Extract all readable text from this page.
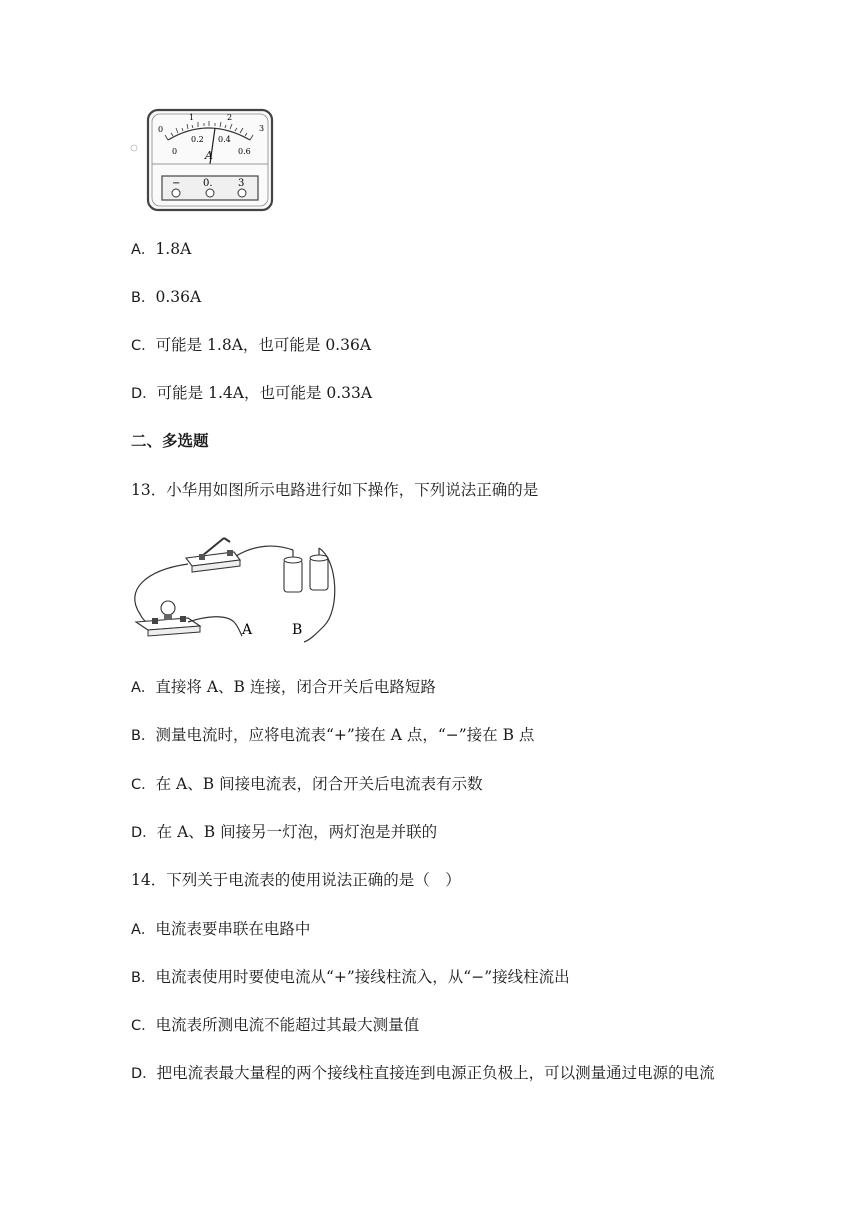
0
1	2
3
0
0.2 0.4
0.6
A
− 0.	3
A．1.8A
B．0.36A
C．可能是 1.8A，也可能是 0.36A
D．可能是 1.4A，也可能是 0.33A
二、多选题
13．小华用如图所示电路进行如下操作，下列说法正确的是
A	B
A．直接将 A、B 连接，闭合开关后电路短路
B．测量电流时，应将电流表“+”接在 A 点，“−”接在 B 点
C．在 A、B 间接电流表，闭合开关后电流表有示数
D．在 A、B 间接另一灯泡，两灯泡是并联的
14．下列关于电流表的使用说法正确的是（　）
A．电流表要串联在电路中
B．电流表使用时要使电流从“+”接线柱流入，从“−”接线柱流出
C．电流表所测电流不能超过其最大测量值
D．把电流表最大量程的两个接线柱直接连到电源正负极上，可以测量通过电源的电流
